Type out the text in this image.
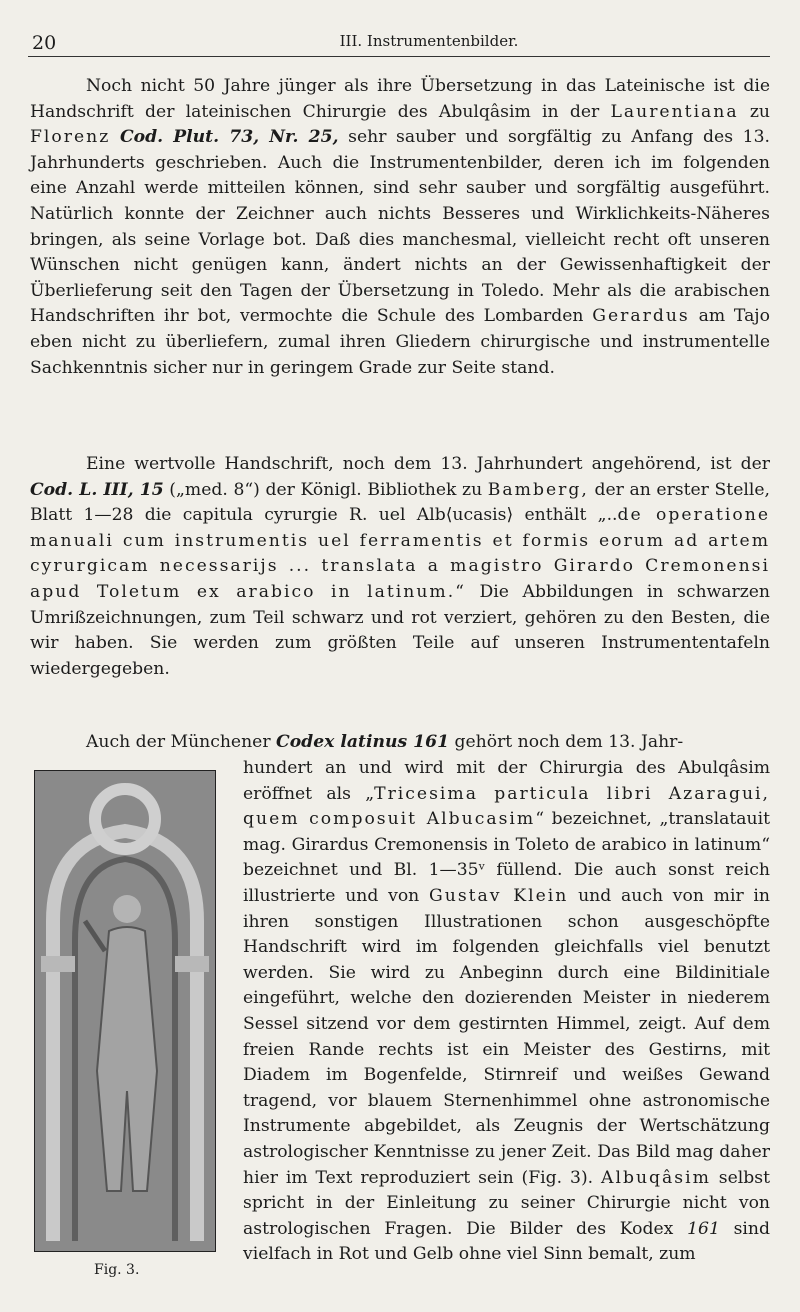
20	III. Instrumentenbilder.

Noch nicht 50 Jahre jünger als ihre Übersetzung in das Lateinische ist die Handschrift der lateinischen Chirurgie des Abulqâsim in der Laurentiana zu Florenz Cod. Plut. 73, Nr. 25, sehr sauber und sorgfältig zu Anfang des 13. Jahrhunderts geschrieben. Auch die Instrumentenbilder, deren ich im folgenden eine Anzahl werde mitteilen können, sind sehr sauber und sorgfältig ausgeführt. Natürlich konnte der Zeichner auch nichts Besseres und Wirklichkeits-Näheres bringen, als seine Vorlage bot. Daß dies manchesmal, vielleicht recht oft unseren Wünschen nicht genügen kann, ändert nichts an der Gewissenhaftigkeit der Überlieferung seit den Tagen der Übersetzung in Toledo. Mehr als die arabischen Handschriften ihr bot, vermochte die Schule des Lombarden Gerardus am Tajo eben nicht zu überliefern, zumal ihren Gliedern chirurgische und instrumentelle Sachkenntnis sicher nur in geringem Grade zur Seite stand.

Eine wertvolle Handschrift, noch dem 13. Jahrhundert angehörend, ist der Cod. L. III, 15 („med. 8“) der Königl. Bibliothek zu Bamberg, der an erster Stelle, Blatt 1—28 die capitula cyrurgie R. uel Alb⟨ucasis⟩ enthält „..de operatione manuali cum instrumentis uel ferramentis et formis eorum ad artem cyrurgicam necessarijs ... translata a magistro Girardo Cremonensi apud Toletum ex arabico in latinum.“ Die Abbildungen in schwarzen Umrißzeichnungen, zum Teil schwarz und rot verziert, gehören zu den Besten, die wir haben. Sie werden zum größten Teile auf unseren Instrumententafeln wiedergegeben.

Auch der Münchener Codex latinus 161 gehört noch dem 13. Jahr-
hundert an und wird mit der Chirurgia des Abulqâsim eröffnet als „Tricesima particula libri Azaragui, quem composuit Albucasim“ bezeichnet, „translatauit mag. Girardus Cremonensis in Toleto de arabico in latinum“ bezeichnet und Bl. 1—35ᵛ füllend. Die auch sonst reich illustrierte und von Gustav Klein und auch von mir in ihren sonstigen Illustrationen schon ausgeschöpfte Handschrift wird im folgenden gleichfalls viel benutzt werden. Sie wird zu Anbeginn durch eine Bildinitiale eingeführt, welche den dozierenden Meister in niederem Sessel sitzend vor dem gestirnten Himmel, zeigt. Auf dem freien Rande rechts ist ein Meister des Gestirns, mit Diadem im Bogenfelde, Stirnreif und weißes Gewand tragend, vor blauem Sternenhimmel ohne astronomische Instrumente abgebildet, als Zeugnis der Wertschätzung astrologischer Kenntnisse zu jener Zeit. Das Bild mag daher hier im Text reproduziert sein (Fig. 3). Albuqâsim selbst spricht in der Einleitung zu seiner Chirurgie nicht von astrologischen Fragen. Die Bilder des Kodex 161 sind vielfach in Rot und Gelb ohne viel Sinn bemalt, zum
Fig. 3.
